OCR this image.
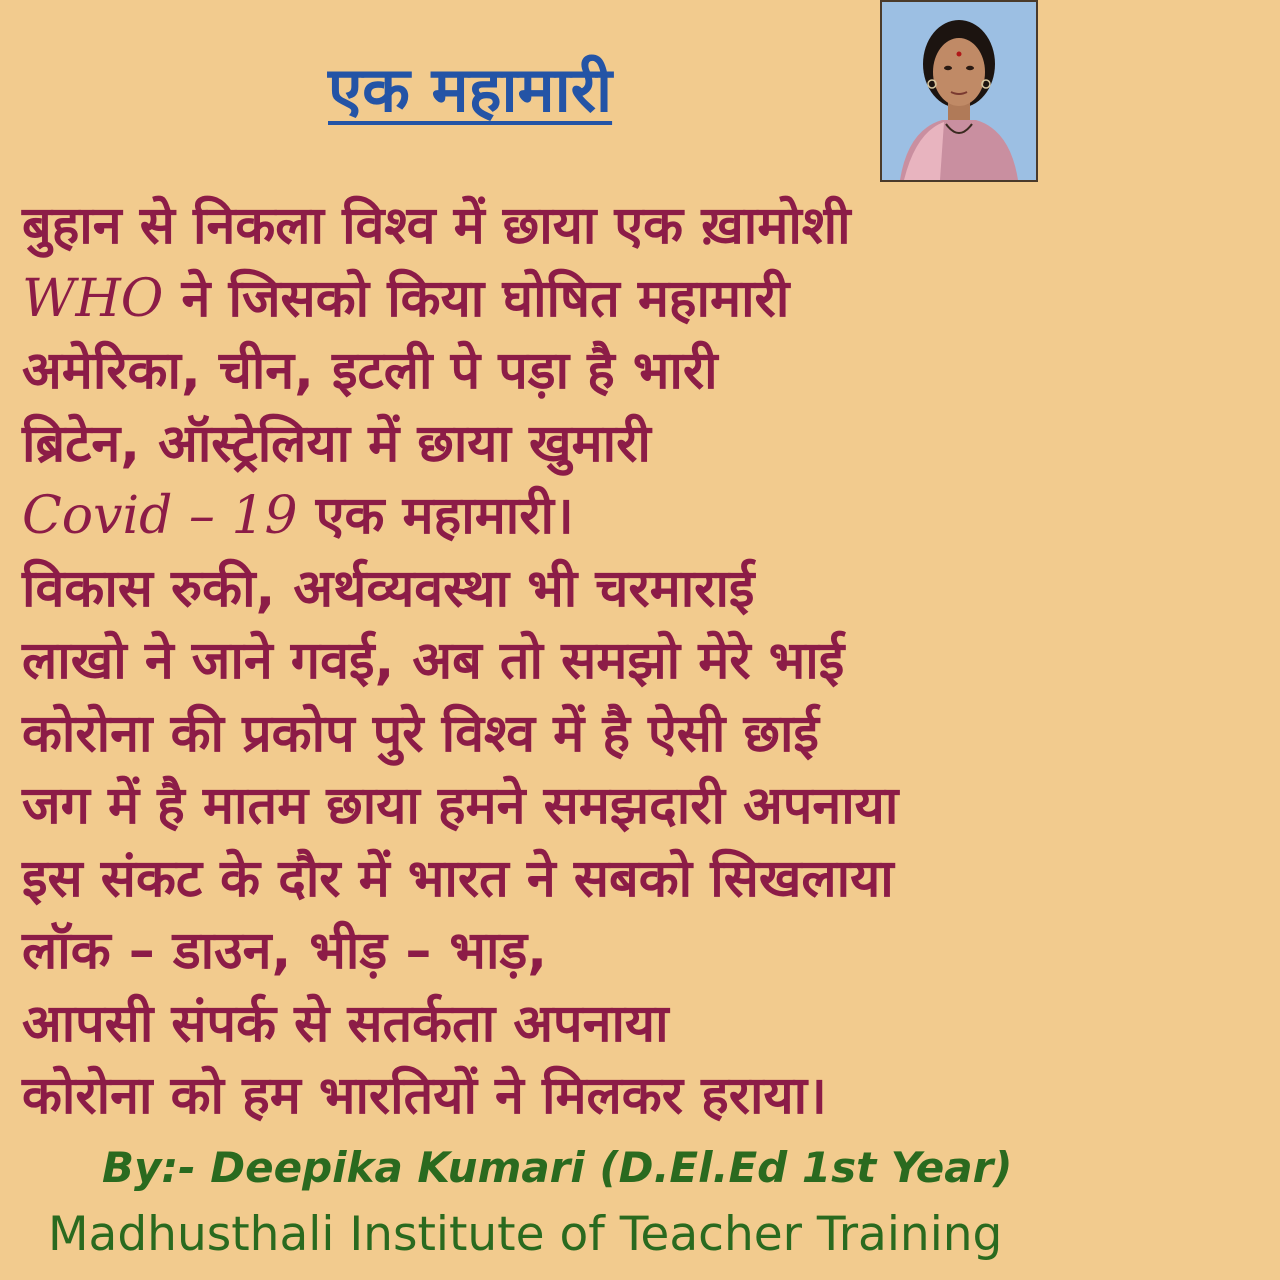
एक महामारी
बुहान से निकला विश्व में छाया एक ख़ामोशी
WHO ने जिसको किया घोषित महामारी
अमेरिका, चीन, इटली पे पड़ा है भारी
ब्रिटेन, ऑस्ट्रेलिया में छाया खुमारी
Covid – 19 एक महामारी।
विकास रुकी, अर्थव्यवस्था भी चरमाराई
लाखो ने जाने गवई, अब तो समझो मेरे भाई
कोरोना की प्रकोप पुरे विश्व में है ऐसी छाई
जग में है मातम छाया हमने समझदारी अपनाया
इस संकट के दौर में भारत ने सबको सिखलाया
लॉक – डाउन, भीड़ – भाड़,
आपसी संपर्क से सतर्कता अपनाया
कोरोना को हम भारतियों ने मिलकर हराया।
By:- Deepika Kumari (D.El.Ed 1st Year)
Madhusthali Institute of Teacher Training
